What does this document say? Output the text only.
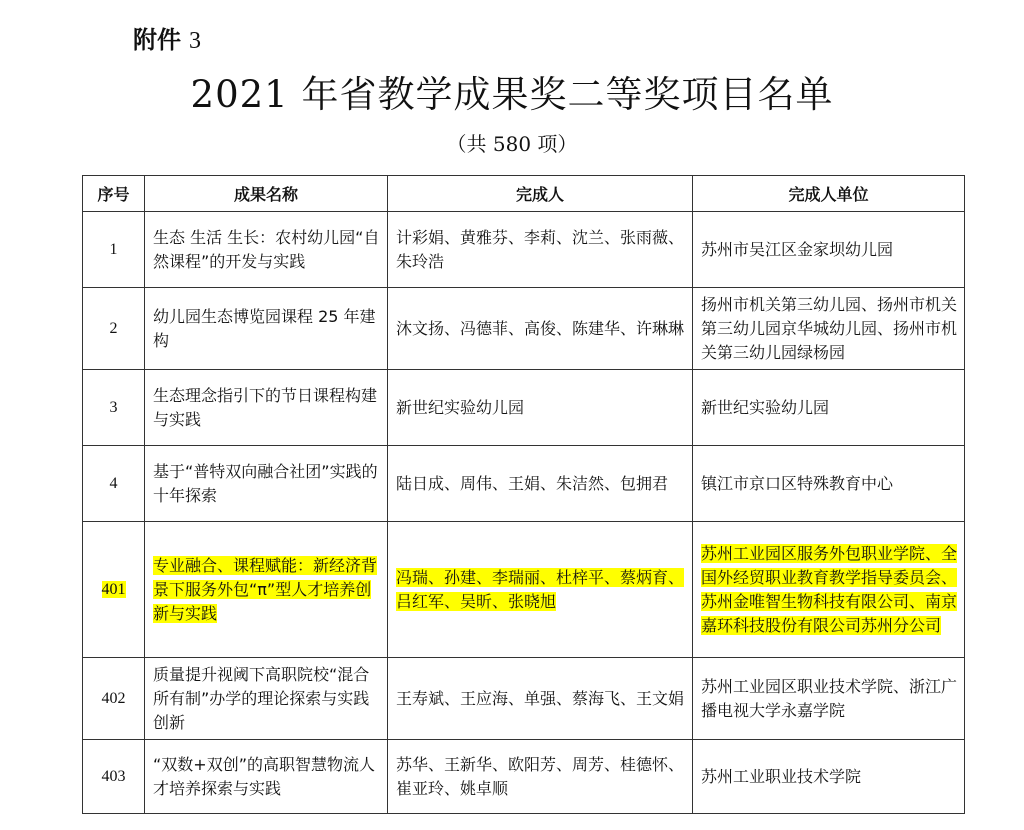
附件 3
2021 年省教学成果奖二等奖项目名单
（共 580 项）
序号	成果名称	完成人	完成人单位
1	生态 生活 生长：农村幼儿园“自然课程”的开发与实践	计彩娟、黄雅芬、李莉、沈兰、张雨薇、朱玲浩	苏州市吴江区金家坝幼儿园

2	幼儿园生态博览园课程 25 年建构	沐文扬、冯德菲、高俊、陈建华、许琳琳	扬州市机关第三幼儿园、扬州市机关第三幼儿园京华城幼儿园、扬州市机关第三幼儿园绿杨园

3	生态理念指引下的节日课程构建与实践	新世纪实验幼儿园	新世纪实验幼儿园

4	基于“普特双向融合社团”实践的十年探索	陆日成、周伟、王娟、朱洁然、包拥君	镇江市京口区特殊教育中心

401	专业融合、课程赋能：新经济背景下服务外包“π”型人才培养创新与实践	冯瑞、孙建、李瑞丽、杜梓平、蔡炳育、吕红军、吴昕、张晓旭	苏州工业园区服务外包职业学院、全国外经贸职业教育教学指导委员会、苏州金唯智生物科技有限公司、南京嘉环科技股份有限公司苏州分公司

402	质量提升视阈下高职院校“混合所有制”办学的理论探索与实践创新	王寿斌、王应海、单强、蔡海飞、王文娟	苏州工业园区职业技术学院、浙江广播电视大学永嘉学院

403	“双数+双创”的高职智慧物流人才培养探索与实践	苏华、王新华、欧阳芳、周芳、桂德怀、崔亚玲、姚卓顺	苏州工业职业技术学院
